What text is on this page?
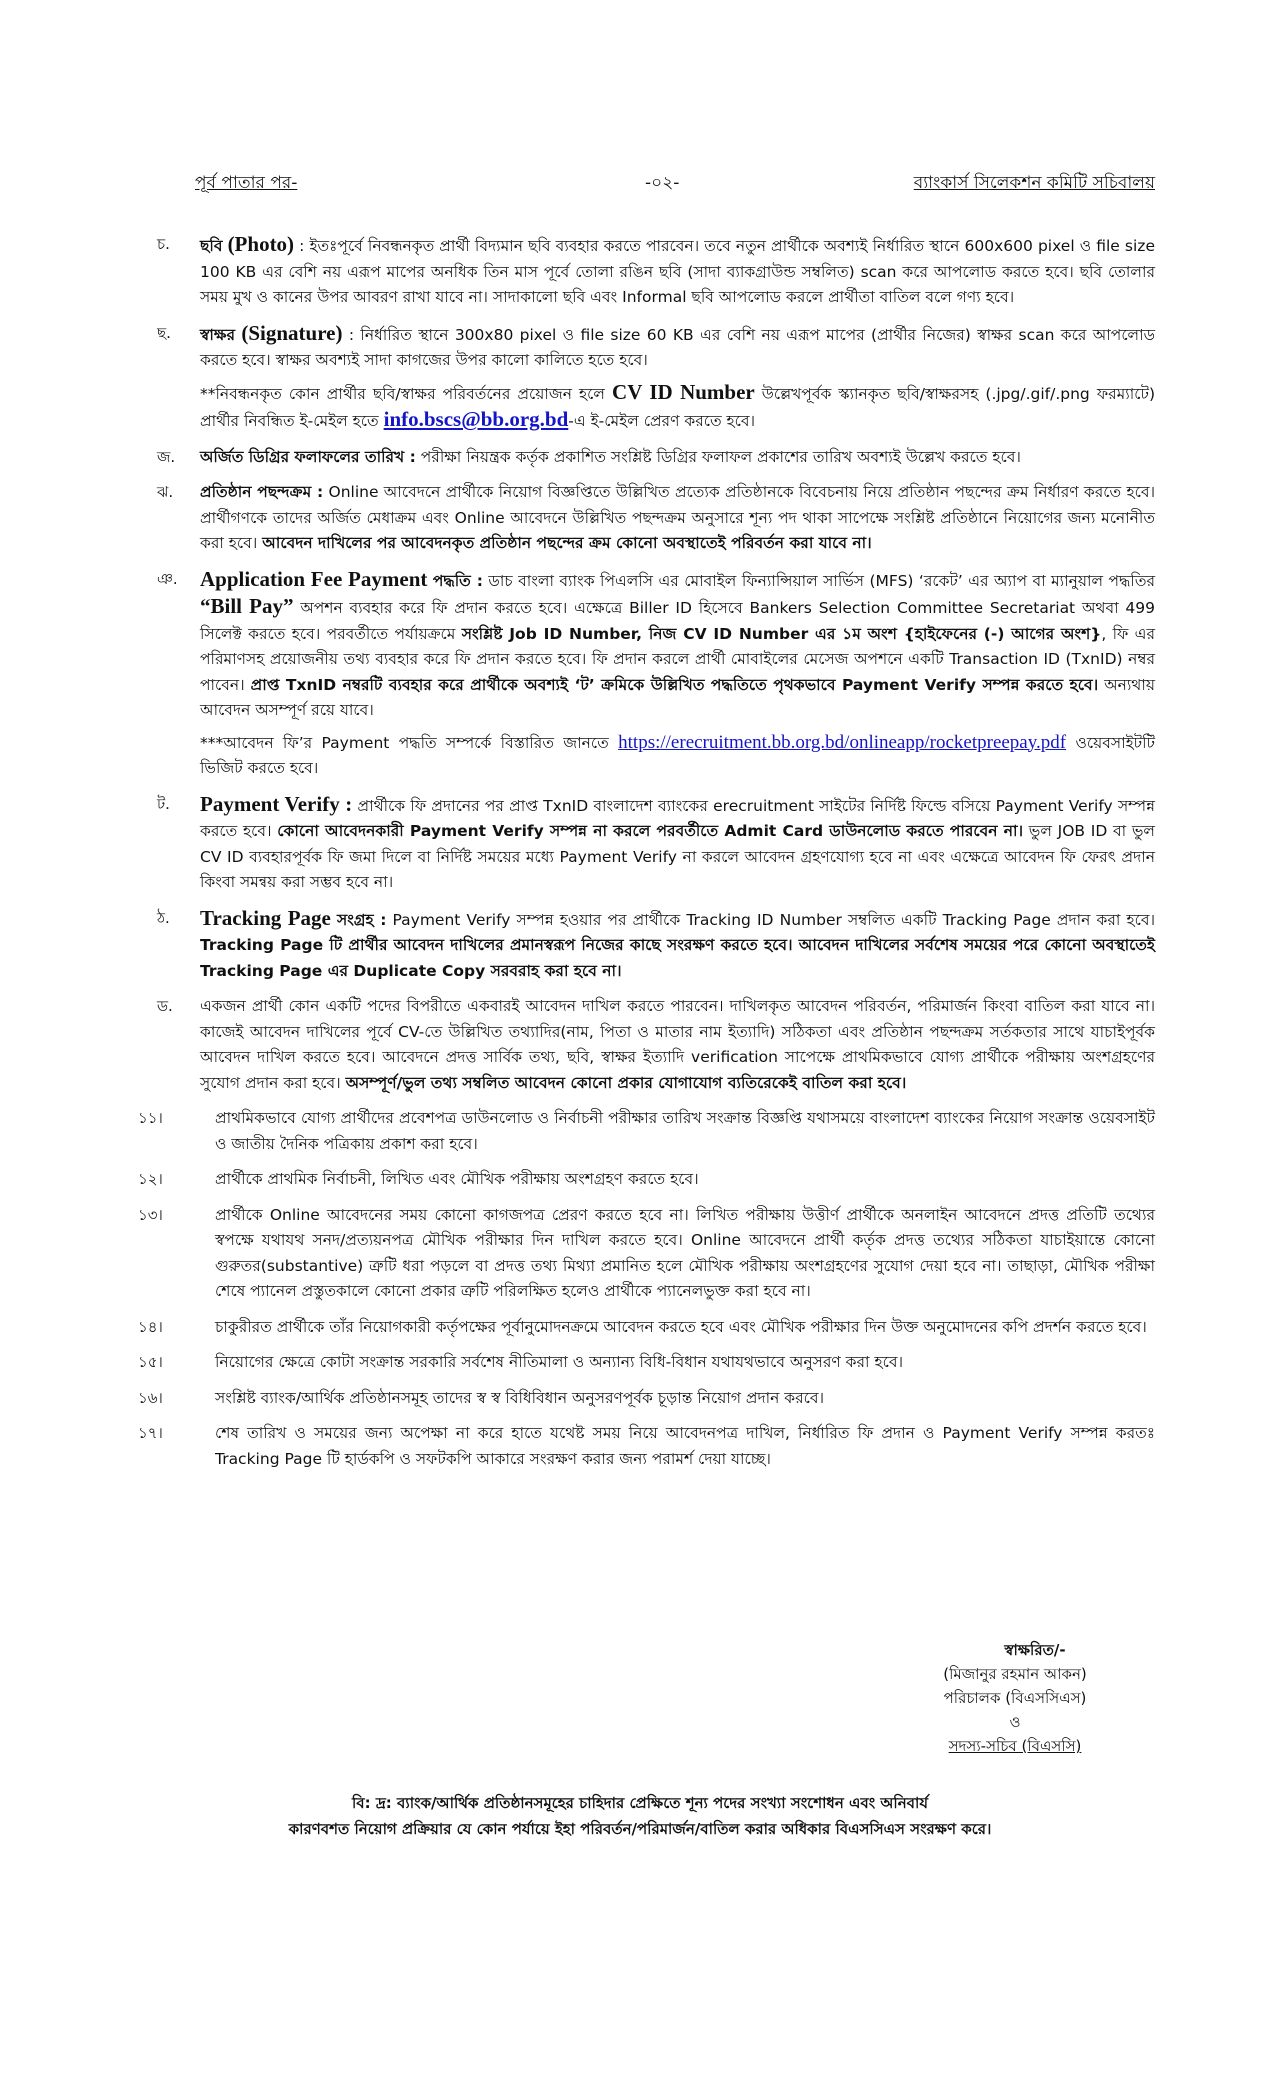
পূর্ব পাতার পর-	-০২-	ব্যাংকার্স সিলেকশন কমিটি সচিবালয়
চ. ছবি (Photo) : ইতঃপূর্বে নিবন্ধনকৃত প্রার্থী বিদ্যমান ছবি ব্যবহার করতে পারবেন। তবে নতুন প্রার্থীকে অবশ্যই নির্ধারিত স্থানে 600x600 pixel ও file size 100 KB এর বেশি নয় এরূপ মাপের অনধিক তিন মাস পূর্বে তোলা রঙিন ছবি (সাদা ব্যাকগ্রাউন্ড সম্বলিত) scan করে আপলোড করতে হবে। ছবি তোলার সময় মুখ ও কানের উপর আবরণ রাখা যাবে না। সাদাকালো ছবি এবং Informal ছবি আপলোড করলে প্রার্থীতা বাতিল বলে গণ্য হবে।
ছ. স্বাক্ষর (Signature) : নির্ধারিত স্থানে 300x80 pixel ও file size 60 KB এর বেশি নয় এরূপ মাপের (প্রার্থীর নিজের) স্বাক্ষর scan করে আপলোড করতে হবে। স্বাক্ষর অবশ্যই সাদা কাগজের উপর কালো কালিতে হতে হবে।

**নিবন্ধনকৃত কোন প্রার্থীর ছবি/স্বাক্ষর পরিবর্তনের প্রয়োজন হলে CV ID Number উল্লেখপূর্বক স্ক্যানকৃত ছবি/স্বাক্ষরসহ (.jpg/.gif/.png ফরম্যাটে) প্রার্থীর নিবন্ধিত ই-মেইল হতে info.bscs@bb.org.bd-এ ই-মেইল প্রেরণ করতে হবে।

জ. অর্জিত ডিগ্রির ফলাফলের তারিখ : পরীক্ষা নিয়ন্ত্রক কর্তৃক প্রকাশিত সংশ্লিষ্ট ডিগ্রির ফলাফল প্রকাশের তারিখ অবশ্যই উল্লেখ করতে হবে।
ঝ. প্রতিষ্ঠান পছন্দক্রম : Online আবেদনে প্রার্থীকে নিয়োগ বিজ্ঞপ্তিতে উল্লিখিত প্রত্যেক প্রতিষ্ঠানকে বিবেচনায় নিয়ে প্রতিষ্ঠান পছন্দের ক্রম নির্ধারণ করতে হবে। প্রার্থীগণকে তাদের অর্জিত মেধাক্রম এবং Online আবেদনে উল্লিখিত পছন্দক্রম অনুসারে শূন্য পদ থাকা সাপেক্ষে সংশ্লিষ্ট প্রতিষ্ঠানে নিয়োগের জন্য মনোনীত করা হবে। আবেদন দাখিলের পর আবেদনকৃত প্রতিষ্ঠান পছন্দের ক্রম কোনো অবস্থাতেই পরিবর্তন করা যাবে না।
ঞ. Application Fee Payment পদ্ধতি : ডাচ বাংলা ব্যাংক পিএলসি এর মোবাইল ফিন্যান্সিয়াল সার্ভিস (MFS) ‘রকেট’ এর অ্যাপ বা ম্যানুয়াল পদ্ধতির “Bill Pay” অপশন ব্যবহার করে ফি প্রদান করতে হবে। এক্ষেত্রে Biller ID হিসেবে Bankers Selection Committee Secretariat অথবা 499 সিলেক্ট করতে হবে। পরবর্তীতে পর্যায়ক্রমে সংশ্লিষ্ট Job ID Number, নিজ CV ID Number এর ১ম অংশ {হাইফেনের (-) আগের অংশ}, ফি এর পরিমাণসহ প্রয়োজনীয় তথ্য ব্যবহার করে ফি প্রদান করতে হবে। ফি প্রদান করলে প্রার্থী মোবাইলের মেসেজ অপশনে একটি Transaction ID (TxnID) নম্বর পাবেন। প্রাপ্ত TxnID নম্বরটি ব্যবহার করে প্রার্থীকে অবশ্যই ‘ট’ ক্রমিকে উল্লিখিত পদ্ধতিতে পৃথকভাবে Payment Verify সম্পন্ন করতে হবে। অন্যথায় আবেদন অসম্পূর্ণ রয়ে যাবে।

***আবেদন ফি’র Payment পদ্ধতি সম্পর্কে বিস্তারিত জানতে https://erecruitment.bb.org.bd/onlineapp/rocketpreepay.pdf ওয়েবসাইটটি ভিজিট করতে হবে।

ট. Payment Verify : প্রার্থীকে ফি প্রদানের পর প্রাপ্ত TxnID বাংলাদেশ ব্যাংকের erecruitment সাইটের নির্দিষ্ট ফিল্ডে বসিয়ে Payment Verify সম্পন্ন করতে হবে। কোনো আবেদনকারী Payment Verify সম্পন্ন না করলে পরবর্তীতে Admit Card ডাউনলোড করতে পারবেন না। ভুল JOB ID বা ভুল CV ID ব্যবহারপূর্বক ফি জমা দিলে বা নির্দিষ্ট সময়ের মধ্যে Payment Verify না করলে আবেদন গ্রহণযোগ্য হবে না এবং এক্ষেত্রে আবেদন ফি ফেরৎ প্রদান কিংবা সমন্বয় করা সম্ভব হবে না।
ঠ. Tracking Page সংগ্রহ : Payment Verify সম্পন্ন হওয়ার পর প্রার্থীকে Tracking ID Number সম্বলিত একটি Tracking Page প্রদান করা হবে। Tracking Page টি প্রার্থীর আবেদন দাখিলের প্রমানস্বরূপ নিজের কাছে সংরক্ষণ করতে হবে। আবেদন দাখিলের সর্বশেষ সময়ের পরে কোনো অবস্থাতেই Tracking Page এর Duplicate Copy সরবরাহ করা হবে না।
ড. একজন প্রার্থী কোন একটি পদের বিপরীতে একবারই আবেদন দাখিল করতে পারবেন। দাখিলকৃত আবেদন পরিবর্তন, পরিমার্জন কিংবা বাতিল করা যাবে না। কাজেই আবেদন দাখিলের পূর্বে CV-তে উল্লিখিত তথ্যাদির(নাম, পিতা ও মাতার নাম ইত্যাদি) সঠিকতা এবং প্রতিষ্ঠান পছন্দক্রম সর্তকতার সাথে যাচাইপূর্বক আবেদন দাখিল করতে হবে। আবেদনে প্রদত্ত সার্বিক তথ্য, ছবি, স্বাক্ষর ইত্যাদি verification সাপেক্ষে প্রাথমিকভাবে যোগ্য প্রার্থীকে পরীক্ষায় অংশগ্রহণের সুযোগ প্রদান করা হবে। অসম্পূর্ণ/ভুল তথ্য সম্বলিত আবেদন কোনো প্রকার যোগাযোগ ব্যতিরেকেই বাতিল করা হবে।
১১।	প্রাথমিকভাবে যোগ্য প্রার্থীদের প্রবেশপত্র ডাউনলোড ও নির্বাচনী পরীক্ষার তারিখ সংক্রান্ত বিজ্ঞপ্তি যথাসময়ে বাংলাদেশ ব্যাংকের নিয়োগ সংক্রান্ত ওয়েবসাইট ও জাতীয় দৈনিক পত্রিকায় প্রকাশ করা হবে।
১২।	প্রার্থীকে প্রাথমিক নির্বাচনী, লিখিত এবং মৌখিক পরীক্ষায় অংশগ্রহণ করতে হবে।
১৩।	প্রার্থীকে Online আবেদনের সময় কোনো কাগজপত্র প্রেরণ করতে হবে না। লিখিত পরীক্ষায় উত্তীর্ণ প্রার্থীকে অনলাইন আবেদনে প্রদত্ত প্রতিটি তথ্যের স্বপক্ষে যথাযথ সনদ/প্রত্যয়নপত্র মৌখিক পরীক্ষার দিন দাখিল করতে হবে। Online আবেদনে প্রার্থী কর্তৃক প্রদত্ত তথ্যের সঠিকতা যাচাইয়ান্তে কোনো গুরুতর(substantive) ত্রুটি ধরা পড়লে বা প্রদত্ত তথ্য মিথ্যা প্রমানিত হলে মৌখিক পরীক্ষায় অংশগ্রহণের সুযোগ দেয়া হবে না। তাছাড়া, মৌখিক পরীক্ষা শেষে প্যানেল প্রস্তুতকালে কোনো প্রকার ত্রুটি পরিলক্ষিত হলেও প্রার্থীকে প্যানেলভুক্ত করা হবে না।
১৪।	চাকুরীরত প্রার্থীকে তাঁর নিয়োগকারী কর্তৃপক্ষের পূর্বানুমোদনক্রমে আবেদন করতে হবে এবং মৌখিক পরীক্ষার দিন উক্ত অনুমোদনের কপি প্রদর্শন করতে হবে।
১৫।	নিয়োগের ক্ষেত্রে কোটা সংক্রান্ত সরকারি সর্বশেষ নীতিমালা ও অন্যান্য বিধি-বিধান যথাযথভাবে অনুসরণ করা হবে।
১৬।	সংশ্লিষ্ট ব্যাংক/আর্থিক প্রতিষ্ঠানসমূহ তাদের স্ব স্ব বিধিবিধান অনুসরণপূর্বক চূড়ান্ত নিয়োগ প্রদান করবে।
১৭।	শেষ তারিখ ও সময়ের জন্য অপেক্ষা না করে হাতে যথেষ্ট সময় নিয়ে আবেদনপত্র দাখিল, নির্ধারিত ফি প্রদান ও Payment Verify সম্পন্ন করতঃ Tracking Page টি হার্ডকপি ও সফটকপি আকারে সংরক্ষণ করার জন্য পরামর্শ দেয়া যাচ্ছে।
স্বাক্ষরিত/-
(মিজানুর রহমান আকন)
পরিচালক (বিএসসিএস)
ও
সদস্য-সচিব (বিএসসি)
বি: দ্র: ব্যাংক/আর্থিক প্রতিষ্ঠানসমূহের চাহিদার প্রেক্ষিতে শূন্য পদের সংখ্যা সংশোধন এবং অনিবার্য
কারণবশত নিয়োগ প্রক্রিয়ার যে কোন পর্যায়ে ইহা পরিবর্তন/পরিমার্জন/বাতিল করার অধিকার বিএসসিএস সংরক্ষণ করে।
